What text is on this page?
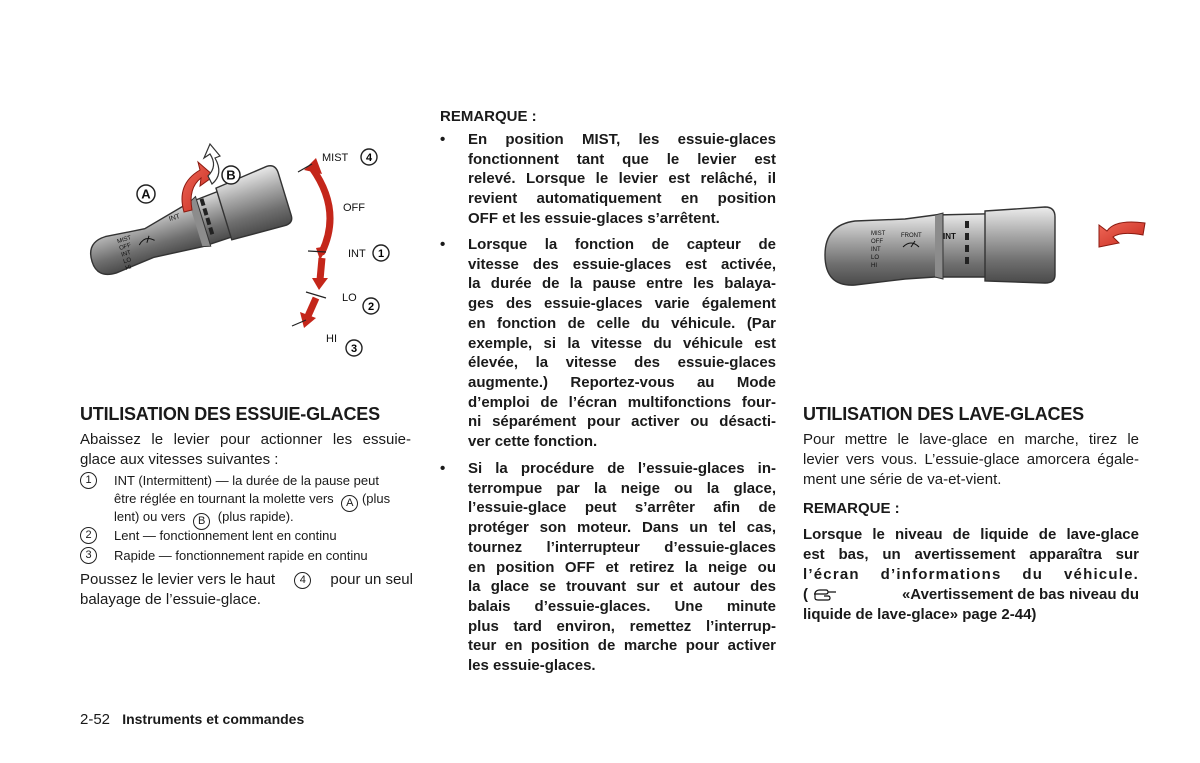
MIST
OFF
INT
LO
HI
INT
A
B
MIST 4
OFF
INT 1
LO
2
HI
3
UTILISATION DES ESSUIE-GLACES
Abaissez le levier pour actionner les essuie-
glace aux vitesses suivantes :
1	INT (Intermittent) — la durée de la pause peut
être réglée en tournant la molette vers A (plus
lent) ou vers B (plus rapide).
2	Lent — fonctionnement lent en continu
3	Rapide — fonctionnement rapide en continu
Poussez le levier vers le haut	4	pour un seul
balayage de l’essuie-glace.
REMARQUE :
• En position MIST, les essuie-glaces
fonctionnent tant que le levier est
relevé. Lorsque le levier est relâché, il
revient automatiquement en position
OFF et les essuie-glaces s’arrêtent.
• Lorsque la fonction de capteur de
vitesse des essuie-glaces est activée,
la durée de la pause entre les balaya-
ges des essuie-glaces varie également
en fonction de celle du véhicule. (Par
exemple, si la vitesse du véhicule est
élevée, la vitesse des essuie-glaces
augmente.) Reportez-vous au Mode
d’emploi de l’écran multifonctions four-
ni séparément pour activer ou désacti-
ver cette fonction.
• Si la procédure de l’essuie-glaces in-
terrompue par la neige ou la glace,
l’essuie-glace peut s’arrêter afin de
protéger son moteur. Dans un tel cas,
tournez l’interrupteur d’essuie-glaces
en position OFF et retirez la neige ou
la glace se trouvant sur et autour des
balais d’essuie-glaces. Une minute
plus tard environ, remettez l’interrup-
teur en position de marche pour activer
les essuie-glaces.
MIST
OFF
INT
LO
HI
FRONT	INT
UTILISATION DES LAVE-GLACES
Pour mettre le lave-glace en marche, tirez le
levier vers vous. L’essuie-glace amorcera égale-
ment une série de va-et-vient.
REMARQUE :
Lorsque le niveau de liquide de lave-glace
est bas, un avertissement apparaîtra sur
l’écran d’informations du véhicule.
(	«Avertissement de bas niveau du
liquide de lave-glace» page 2-44)
2-52 Instruments et commandes
